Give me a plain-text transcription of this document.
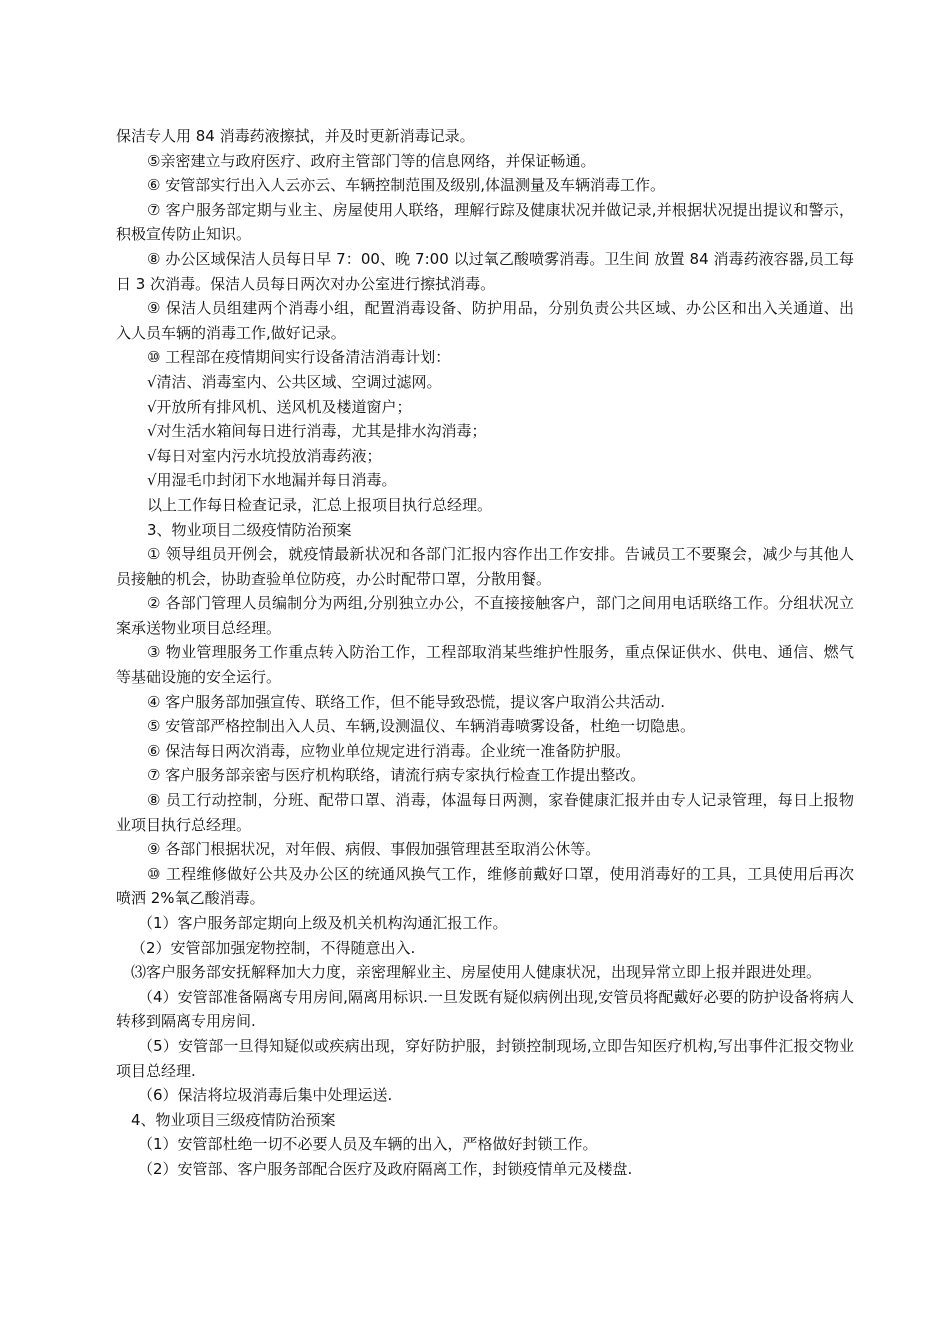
保洁专人用 84 消毒药液擦拭，并及时更新消毒记录。

⑤亲密建立与政府医疗、政府主管部门等的信息网络，并保证畅通。

⑥ 安管部实行出入人云亦云、车辆控制范围及级别,体温测量及车辆消毒工作。

⑦ 客户服务部定期与业主、房屋使用人联络，理解行踪及健康状况并做记录,并根据状况提出提议和警示，积极宣传防止知识。

⑧ 办公区域保洁人员每日早 7：00、晚 7:00 以过氧乙酸喷雾消毒。卫生间 放置 84 消毒药液容器,员工每日 3 次消毒。保洁人员每日两次对办公室进行擦拭消毒。

⑨ 保洁人员组建两个消毒小组，配置消毒设备、防护用品，分别负责公共区域、办公区和出入关通道、出入人员车辆的消毒工作,做好记录。

⑩ 工程部在疫情期间实行设备清洁消毒计划：

√清洁、消毒室内、公共区域、空调过滤网。

√开放所有排风机、送风机及楼道窗户；

√对生活水箱间每日进行消毒，尤其是排水沟消毒；

√每日对室内污水坑投放消毒药液；

√用湿毛巾封闭下水地漏并每日消毒。

以上工作每日检查记录，汇总上报项目执行总经理。

3、物业项目二级疫情防治预案

① 领导组员开例会，就疫情最新状况和各部门汇报内容作出工作安排。告诫员工不要聚会，减少与其他人员接触的机会，协助查验单位防疫，办公时配带口罩，分散用餐。

② 各部门管理人员编制分为两组,分别独立办公，不直接接触客户，部门之间用电话联络工作。分组状况立案承送物业项目总经理。

③ 物业管理服务工作重点转入防治工作，工程部取消某些维护性服务，重点保证供水、供电、通信、燃气等基础设施的安全运行。

④ 客户服务部加强宣传、联络工作，但不能导致恐慌，提议客户取消公共活动.

⑤ 安管部严格控制出入人员、车辆,设测温仪、车辆消毒喷雾设备，杜绝一切隐患。

⑥ 保洁每日两次消毒，应物业单位规定进行消毒。企业统一准备防护服。

⑦ 客户服务部亲密与医疗机构联络，请流行病专家执行检查工作提出整改。

⑧ 员工行动控制，分班、配带口罩、消毒，体温每日两测，家眷健康汇报并由专人记录管理，每日上报物业项目执行总经理。

⑨ 各部门根据状况，对年假、病假、事假加强管理甚至取消公休等。

⑩ 工程维修做好公共及办公区的统通风换气工作，维修前戴好口罩，使用消毒好的工具，工具使用后再次喷洒 2%氧乙酸消毒。

（1）客户服务部定期向上级及机关机构沟通汇报工作。

（2）安管部加强宠物控制，不得随意出入.

⑶客户服务部安抚解释加大力度，亲密理解业主、房屋使用人健康状况，出现异常立即上报并跟进处理。

（4）安管部准备隔离专用房间,隔离用标识.一旦发既有疑似病例出现,安管员将配戴好必要的防护设备将病人转移到隔离专用房间.

（5）安管部一旦得知疑似或疾病出现，穿好防护服，封锁控制现场,立即告知医疗机构,写出事件汇报交物业项目总经理.

（6）保洁将垃圾消毒后集中处理运送.

4、物业项目三级疫情防治预案

（1）安管部杜绝一切不必要人员及车辆的出入，严格做好封锁工作。

（2）安管部、客户服务部配合医疗及政府隔离工作，封锁疫情单元及楼盘.
